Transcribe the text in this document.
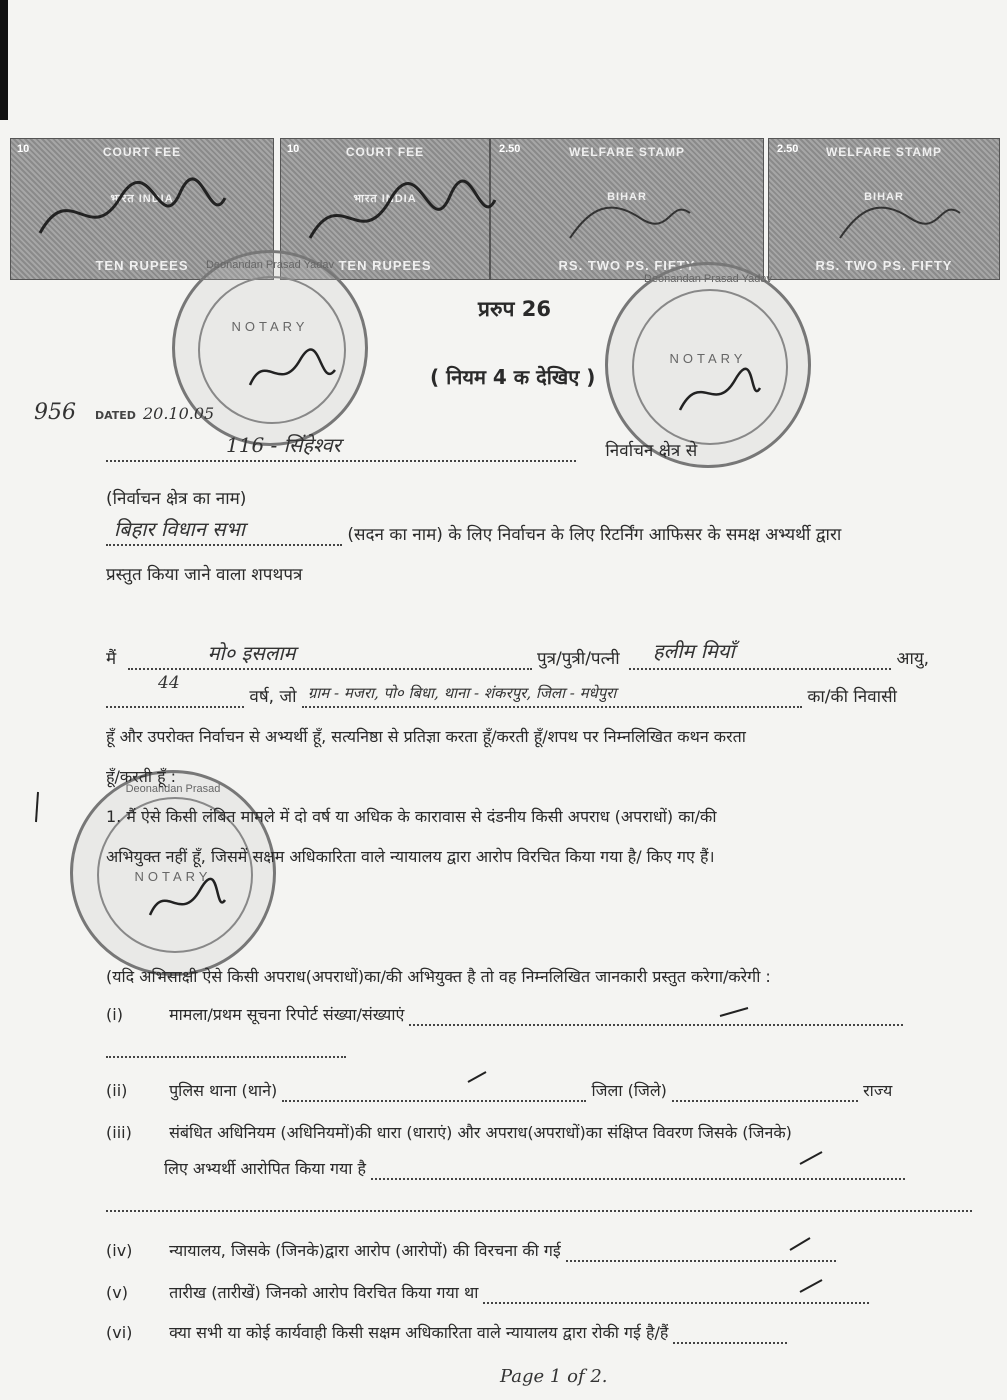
10	COURT FEE
भारत INDIA
TEN RUPEES
10	COURT FEE
भारत INDIA
TEN RUPEES
2.50	WELFARE STAMP
BIHAR
RS. TWO PS. FIFTY
2.50	WELFARE STAMP
BIHAR
RS. TWO PS. FIFTY
Deonandan Prasad Yadav
NOTARY
Deonandan Prasad Yadav
NOTARY
Deonandan Prasad
NOTARY
प्ररुप 26
( नियम 4 क देखिए )
956 DATED 20.10.05
116 - सिंहेश्वर	निर्वाचन क्षेत्र से
(निर्वाचन क्षेत्र का नाम)
बिहार विधान सभा	(सदन का नाम) के लिए निर्वाचन के लिए रिटर्निंग आफिसर के समक्ष अभ्यर्थी द्वारा
प्रस्तुत किया जाने वाला शपथपत्र
मैं	मो० इसलाम	पुत्र/पुत्री/पत्नी हलीम मियाँ	आयु,
44
वर्ष, जो ग्राम - मजरा, पो० बिधा, थाना - शंकरपुर, जिला - मधेपुरा	का/की निवासी
हूँ और उपरोक्त निर्वाचन से अभ्यर्थी हूँ, सत्यनिष्ठा से प्रतिज्ञा करता हूँ/करती हूँ/शपथ पर निम्नलिखित कथन करता
हूँ/करती हूँ :
1. मैं ऐसे किसी लंबित मामले में दो वर्ष या अधिक के कारावास से दंडनीय किसी अपराध (अपराधों) का/की
अभियुक्त नहीं हूँ, जिसमें सक्षम अधिकारिता वाले न्यायालय द्वारा आरोप विरचित किया गया है/ किए गए हैं।
(यदि अभिसाक्षी ऐसे किसी अपराध(अपराधों)का/की अभियुक्त है तो वह निम्नलिखित जानकारी प्रस्तुत करेगा/करेगी :
(i)	मामला/प्रथम सूचना रिपोर्ट संख्या/संख्याएं
(ii)	पुलिस थाना (थाने)	जिला (जिले)	राज्य
(iii) संबंधित अधिनियम (अधिनियमों)की धारा (धाराएं) और अपराध(अपराधों)का संक्षिप्त विवरण जिसके (जिनके)
लिए अभ्यर्थी आरोपित किया गया है
(iv) न्यायालय, जिसके (जिनके)द्वारा आरोप (आरोपों) की विरचना की गई
(v)	तारीख (तारीखें) जिनको आरोप विरचित किया गया था
(vi) क्या सभी या कोई कार्यवाही किसी सक्षम अधिकारिता वाले न्यायालय द्वारा रोकी गई है/हैं
Page 1 of 2.
